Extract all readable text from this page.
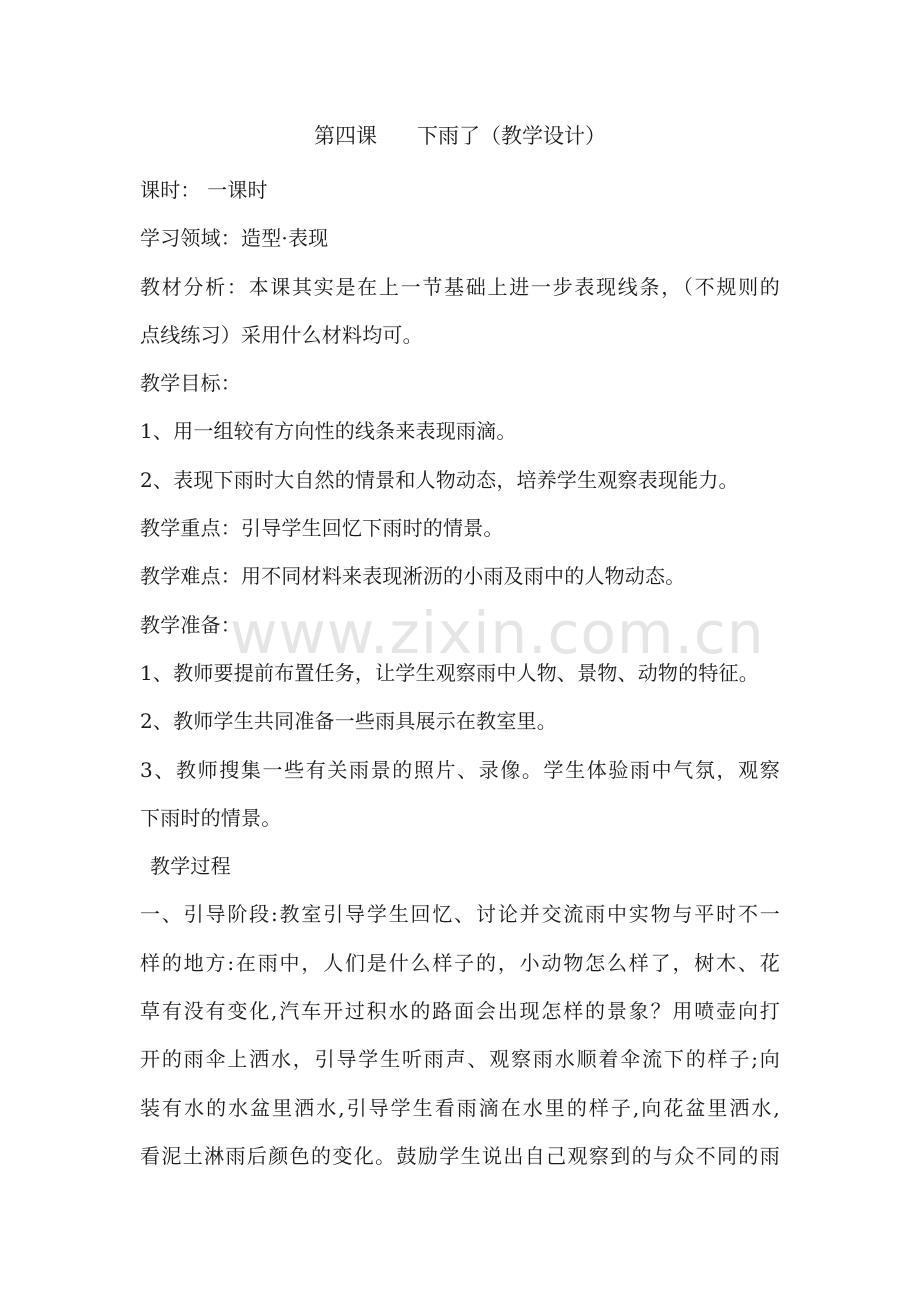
第四课      下雨了（教学设计）
课时： 一课时
学习领域：造型·表现
教材分析：本课其实是在上一节基础上进一步表现线条，（不规则的
点线练习）采用什么材料均可。
教学目标：
1、用一组较有方向性的线条来表现雨滴。
2、表现下雨时大自然的情景和人物动态，培养学生观察表现能力。
教学重点：引导学生回忆下雨时的情景。
教学难点：用不同材料来表现淅沥的小雨及雨中的人物动态。
教学准备：
1、教师要提前布置任务，让学生观察雨中人物、景物、动物的特征。
2、教师学生共同准备一些雨具展示在教室里。
3、教师搜集一些有关雨景的照片、录像。学生体验雨中气氛，观察
下雨时的情景。
教学过程
一、引导阶段:教室引导学生回忆、讨论并交流雨中实物与平时不一
样的地方:在雨中，人们是什么样子的，小动物怎么样了，树木、花
草有没有变化,汽车开过积水的路面会出现怎样的景象？用喷壶向打
开的雨伞上洒水，引导学生听雨声、观察雨水顺着伞流下的样子;向
装有水的水盆里洒水,引导学生看雨滴在水里的样子,向花盆里洒水,
看泥土淋雨后颜色的变化。鼓励学生说出自己观察到的与众不同的雨
www.zixin.com.cn
